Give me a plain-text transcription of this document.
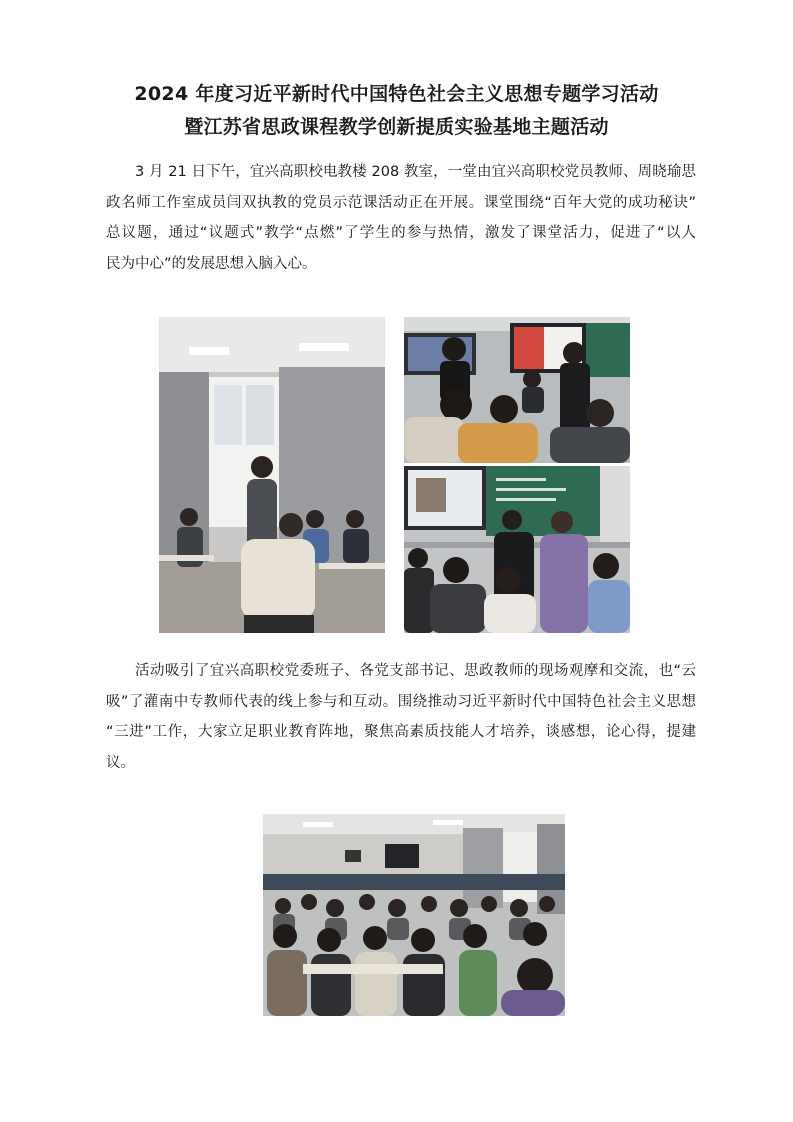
2024 年度习近平新时代中国特色社会主义思想专题学习活动
暨江苏省思政课程教学创新提质实验基地主题活动

3 月 21 日下午，宜兴高职校电教楼 208 教室，一堂由宜兴高职校党员教师、周晓瑜思
政名师工作室成员闫双执教的党员示范课活动正在开展。课堂围绕“百年大党的成功秘诀”
总议题，通过“议题式”教学“点燃”了学生的参与热情，激发了课堂活力，促进了“以人
民为中心”的发展思想入脑入心。

活动吸引了宜兴高职校党委班子、各党支部书记、思政教师的现场观摩和交流，也“云
吸”了灌南中专教师代表的线上参与和互动。围绕推动习近平新时代中国特色社会主义思想
“三进”工作，大家立足职业教育阵地，聚焦高素质技能人才培养，谈感想，论心得，提建
议。
